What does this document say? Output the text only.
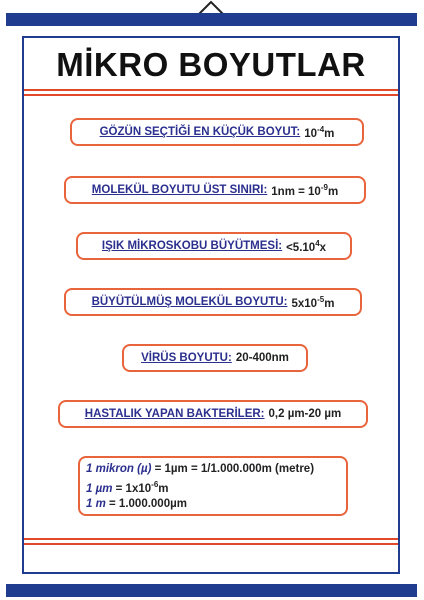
MİKRO BOYUTLAR
GÖZÜN SEÇTİĞİ EN KÜÇÜK BOYUT: $10^{-4}m$
MOLEKÜL BOYUTU ÜST SINIRI: $1nm = 10^{-9}m$
IŞIK MİKROSKOBU BÜYÜTMESİ: $<5.10^4x$
BÜYÜTÜLMÜŞ MOLEKÜL BOYUTU: $5x10^{-5}m$
VİRÜS BOYUTU: 20-400nm
HASTALIK YAPAN BAKTERİLER: 0,2 µm-20 µm
1 mikron (µ) = 1µm = 1/1.000.000m (metre)
1 $\mu m = 1x10^{-6}m$
1 m = 1.000.000µm
